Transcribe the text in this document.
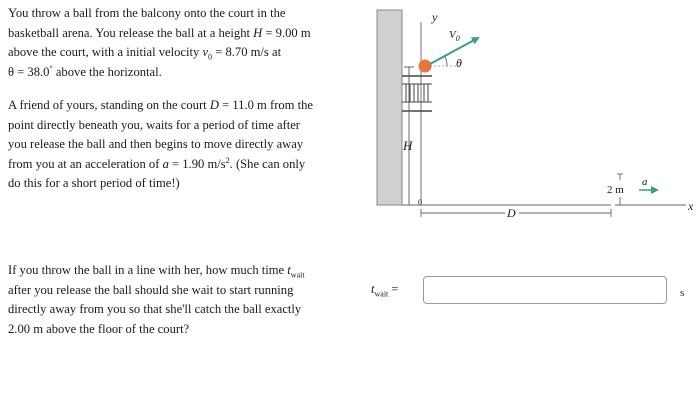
You throw a ball from the balcony onto the court in the
basketball arena. You release the ball at a height H = 9.00 m
above the court, with a initial velocity $v_0 = 8.70$ m/s at
θ = 38.0° above the horizontal.
A friend of yours, standing on the court D = 11.0 m from the
point directly beneath you, waits for a period of time after
you release the ball and then begins to move directly away
from you at an acceleration of a = 1.90 $m/s^2$. (She can only
do this for a short period of time!)
If you throw the ball in a line with her, how much time $t_{wait}$
after you release the ball should she wait to start running
directly away from you so that she'll catch the ball exactly
2.00 m above the floor of the court?
y
H
θ
$V_0$
0
D	x
2 m
a
$t_{wait}$ =	s
